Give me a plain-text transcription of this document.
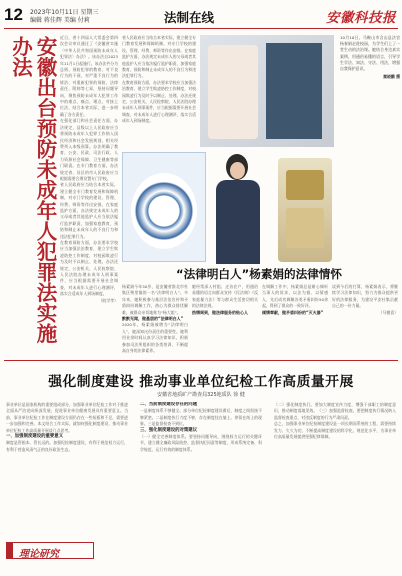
12 2023年10月11日 星期三
编辑 蒋佳辉 美编 付莉	法制在线	安徽科技报
安徽出台预防未成年人犯罪法实施办法	近日，省十四届人大常委会第四次会议审议通过了《安徽省实施〈中华人民共和国预防未成年人犯罪法〉办法》。该办法自2023年11月1日起施行。该办法共分为总则、预防犯罪的教育、对不良行为的干预、对严重不良行为的矫治、对重新犯罪的预防、法律责任、附则等七章，坚持问题导向，聚焦预防未成年人犯罪工作中的难点、痛点、堵点，对接上位法，结合本省实际，进一步明确了各方责任。
在强化部门和社会责任方面，办法规定，县级以上人民政府应当将预防未成年人犯罪工作纳入国民经济和社会发展规划，相关经费列入本级预算。办法明确了教育、公安、民政、司法行政、人力资源社会保障、卫生健康等部门职责。在专门教育方面，办法规定省、设区的市人民政府应当根据需要合理设置专门学校。
省人民政府应当结合本省实际，建立健全专门教育发展和保障机制，对专门学校的建设、管理、经费、师资等作出安排。在家庭监护方面，办法规定未成年人的父母或者其他监护人应当依法履行监护职责，加强家庭教育，预防和制止未成年人的不良行为和违法犯罪行为。
在教育预防方面，办法要求学校应当加强法治教育，建立学生欺凌防控工作制度，对校园欺凌行为及时予以制止、处理。办法还规定，公安机关、人民检察院、人民法院办理未成年人刑事案件，应当根据需要开展社会调查，对未成年人进行心理测评，落实合适成年人到场制度。
（皖学孝）
省人民政府应当结合本省实际，建立健全专门教育发展和保障机制，对专门学校的建设、管理、经费、师资等作出安排。在家庭监护方面，办法规定未成年人的父母或者其他监护人应当依法履行监护职责，加强家庭教育，预防和制止未成年人的不良行为和违法犯罪行为。
在教育预防方面，办法要求学校应当加强法治教育，建立学生欺凌防控工作制度，对校园欺凌行为及时予以制止、处理。办法还规定，公安机关、人民检察院、人民法院办理未成年人刑事案件，应当根据需要开展社会调查，对未成年人进行心理测评，落实合适成年人到场制度。
10月10日，马鞍山市含山县法官杨春娟走进校园，为学生们上了一堂生动的法治课。她结合身边真实案例，用通俗易懂的语言，引导学生学法、知法、守法、用法，增强自我保护意识。
秦晓鹏 摄
“法律明白人”杨素娟的法律情怀
杨素娟今年50岁，是安徽省淮北市杜集区朔里镇的一名“法律明白人”。多年来，她积极参与基层法治宣传和矛盾纠纷调解工作，热心为群众排忧解难，被群众亲切地称为“杨大姐”。
默默无闻，做基层的“法律明白人”
2020年，杨素娟被聘为“法律明白人”，她深知这份责任的重要性。她利用业余时间认真学习法律知识，积极参加司法所组织的各类培训，不断提高自身的法律素养。
她经常深入村组、走访农户，用通俗易懂的语言向群众宣传《民法典》《反家庭暴力法》等与群众生活密切相关的法律法规。
热情周到，做法律服务的贴心人
在调解工作中，杨素娟总是耐心倾听当事人的诉求，以法为据、以情感人，先后成功调解各类矛盾纠纷50余起，得到了群众的一致好评。
倾情奉献，做矛盾纠纷的“灭火器”
谈到今后的打算，杨素娟表示，将继续学习法律知识，努力为群众提供更好的法律服务，为建设平安杜集贡献自己的一份力量。
（马德喜）
强化制度建设 推动事业单位纪检工作高质量开展
安徽省地质矿产勘查局325地质队 徐 健
事业单位是国家机构的重要组成部分，加强事业单位纪检工作对于推进全面从严治党向纵深发展、促进事业单位健康发展具有重要意义。当前，事业单位纪检工作在制度建设方面仍存在一些短板和不足，需要进一步加强和完善。本文结合工作实际，就如何强化制度建设、推动事业单位纪检工作高质量开展谈几点思考。
一、加强制度建设的重要意义
制度是管根本、管长远的。加强纪检制度建设，有利于规范权力运行，有利于营造风清气正的良好政治生态。
二、当前制度建设存在的问题
一是制度体系不够健全。部分单位纪检制度建设滞后，制度之间衔接不够紧密。二是制度执行力度不够，存在制度挂在墙上、停留在纸上的现象。三是监督检查不到位。
三、强化制度建设的对策建议
（一）健全完善制度体系。要坚持问题导向，围绕权力运行的关键环节，建立健全廉政风险防控、监督执纪问责等制度，形成系统完备、科学规范、运行有效的制度体系。
（二）强化制度执行。要加大制度宣传力度，增强干部职工的制度意识，推动制度落地见效。（三）加强监督检查。要把制度执行情况纳入监督检查重点，对违反制度的行为严肃问责。
总之，加强事业单位纪检制度建设是一项长期而系统的工程，需要持续发力、久久为功，不断提高制度建设的科学化、规范化水平，为事业单位高质量发展提供坚强纪律保障。
理论研究
